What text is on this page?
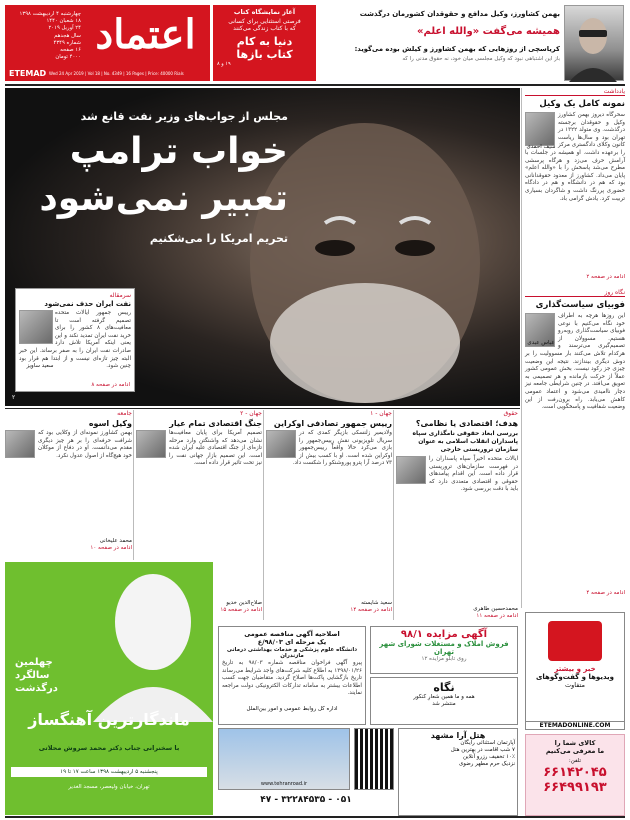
چهارشنبه ۴ اردیبهشت ۱۳۹۸
۱۸ شعبان ۱۴۴۰
۲۴ آوریل ۲۰۱۹
سال هجدهم
شماره ۴۳۴۹
۱۶ صفحه
۴۰۰۰ تومان اعتماد
ETEMAD Wed 24 Apr 2019 | Vol 18 | No. 4349 | 16 Pages | Price: 40000 Rials
آغاز نمایشگاه کتاب
فرصتی استثنایی برای کسانی
که با کتاب زندگی می‌کنند
دنیا به کام
کتاب بازها
۱۹ و ۸
بهمن کشاورز، وکیل مدافع و حقوقدان کشورمان درگذشت
همیشه می‌گفت «والله اعلم»
کریاسچی از روزهایی که بهمن کشاورز و کیلش بوده می‌گوید:
باز این اشتباهی نبود که وکیل مجلسی میان خود، نه حقوق مدنی را که
مجلس از جواب‌های وزیر نفت قانع شد
خواب ترامپ
تعبیر نمی‌شود
تحریم امریکا را می‌شکنیم
سرمقاله
نفت ایران حذف نمی‌شود
رییس جمهور ایالات متحده تصمیم گرفته است تا معافیت‌های ۸ کشور را برای خرید نفت ایران تمدید نکند و این یعنی اینکه آمریکا تلاش دارد صادرات نفت ایران را به صفر برساند. این خبر البته چیز تازه‌ای نیست و از ابتدا هم قرار بود چنین شود.
سعید ساویز
ادامه در صفحه ۸
۲
یادداشت
نمونه کامل یک وکیل
سحرگاه دیروز بهمن کشاورز وکیل و حقوقدان برجسته درگذشت. وی متولد ۱۳۲۲ در تهران بود و سال‌ها ریاست کانون وکلای دادگستری مرکز را برعهده داشت. او همیشه در جلسات با آرامش حرف می‌زد و هرگاه پرسشی مطرح می‌شد پاسخش را با «والله اعلم» پایان می‌داد. کشاورز از معدود حقوقدانانی بود که هم در دانشگاه و هم در دادگاه حضوری پررنگ داشت و شاگردان بسیاری تربیت کرد. یادش گرامی باد.
سیف احمدی
ادامه در صفحه ۲
نگاه روز
فوبیای سیاست‌گذاری
این روزها هرچه به اطراف خود نگاه می‌کنیم با نوعی فوبیای سیاست‌گذاری روبه‌رو هستیم. مسوولان از تصمیم‌گیری می‌ترسند و هرکدام تلاش می‌کنند بار مسوولیت را بر دوش دیگری بیندازند. نتیجه این وضعیت چیزی جز رکود نیست. بخش عمومی کشور عملاً از حرکت بازمانده و هر تصمیمی به تعویق می‌افتد. در چنین شرایطی جامعه نیز دچار ناامیدی می‌شود و اعتماد عمومی کاهش می‌یابد. راه برون‌رفت از این وضعیت شفافیت و پاسخگویی است.
ادامه در صفحه ۴
عباس عبدی
حقوق
هدف؛ اقتصادی یا نظامی؟
بررسی ابعاد حقوقی نامگذاری سپاه پاسداران انقلاب اسلامی به عنوان سازمان تروریستی خارجی
ایالات متحده اخیراً سپاه پاسداران را در فهرست سازمان‌های تروریستی قرار داده است. این اقدام پیامدهای حقوقی و اقتصادی متعددی دارد که باید با دقت بررسی شود.
محمدحسین طاهری
ادامه در صفحه ۱۱
جهان - ۱
رییس جمهور تصادفی اوکراین
ولادیمیر زلنسکی بازیگر کمدی که در سریال تلویزیونی نقش رییس‌جمهور را بازی می‌کرد حالا واقعاً رییس‌جمهور اوکراین شده است. او با کسب بیش از ۷۳ درصد آرا پترو پوروشنکو را شکست داد.
سعید شایسته
ادامه در صفحه ۱۴
جهان - ۲
جنگ اقتصادی تمام عیار
تصمیم آمریکا برای پایان معافیت‌ها نشان می‌دهد که واشنگتن وارد مرحله تازه‌ای از جنگ اقتصادی علیه ایران شده است. این تصمیم بازار جهانی نفت را نیز تحت تاثیر قرار داده است.
صلاح‌الدین خدیو
ادامه در صفحه ۱۵
جامعه
وکیل اسوه
بهمن کشاورز نمونه‌ای از وکلایی بود که شرافت حرفه‌ای را بر هر چیز دیگری مقدم می‌دانست. او در دفاع از موکلان خود هیچ‌گاه از اصول عدول نکرد.
محمد علیخانی
ادامه در صفحه ۱۰
چهلمین
سالگرد
درگذشت
ماندگارترین آهنگساز
با سخنرانی جناب دکتر محمد سروش محلاتی
پنجشنبه ۵ اردیبهشت ۱۳۹۸ ساعت ۱۷ تا ۱۹
تهران، خیابان ولیعصر، مسجد الغدیر
اصلاحیه آگهی مناقصه عمومی
یک مرحله ای ۹۸/۰۳/ع
دانشگاه علوم پزشکی و خدمات بهداشتی درمانی مازندران
پیرو آگهی فراخوان مناقصه شماره ۹۸/۰۳ به تاریخ ۱۳۹۸/۰۱/۲۶ به اطلاع کلیه شرکت‌های واجد شرایط می‌رساند تاریخ بازگشایی پاکت‌ها اصلاح گردید. متقاضیان جهت کسب اطلاعات بیشتر به سامانه تدارکات الکترونیکی دولت مراجعه نمایند.
اداره کل روابط عمومی و امور بین‌الملل
آگهی مزایده ۹۸/۱
فروش املاک و مستغلات شورای شهر تهران
روی تابلو مزایده ۱۲
نگاه
همه و ما همین شعارِ کنکور
منتشر شد
www.tehranroad.ir
هتل آرا مشهد
آپارتمان استثنائی رایگان
۷ شب اقامت در بهترین هتل
۱۰٪ تخفیف رزرو آنلاین
نزدیک حرم مطهر رضوی
۰۵۱ - ۳۲۲۸۴۵۳۵ - ۴۷
خبر و بیشتر
ویدیوها و گفت‌وگوهای
متفاوت
ETEMADONLINE.COM
کالای شما را
ما معرفی می‌کنیم
تلفن:
۶۶۱۴۲۰۴۵
۶۶۴۹۹۱۹۳
